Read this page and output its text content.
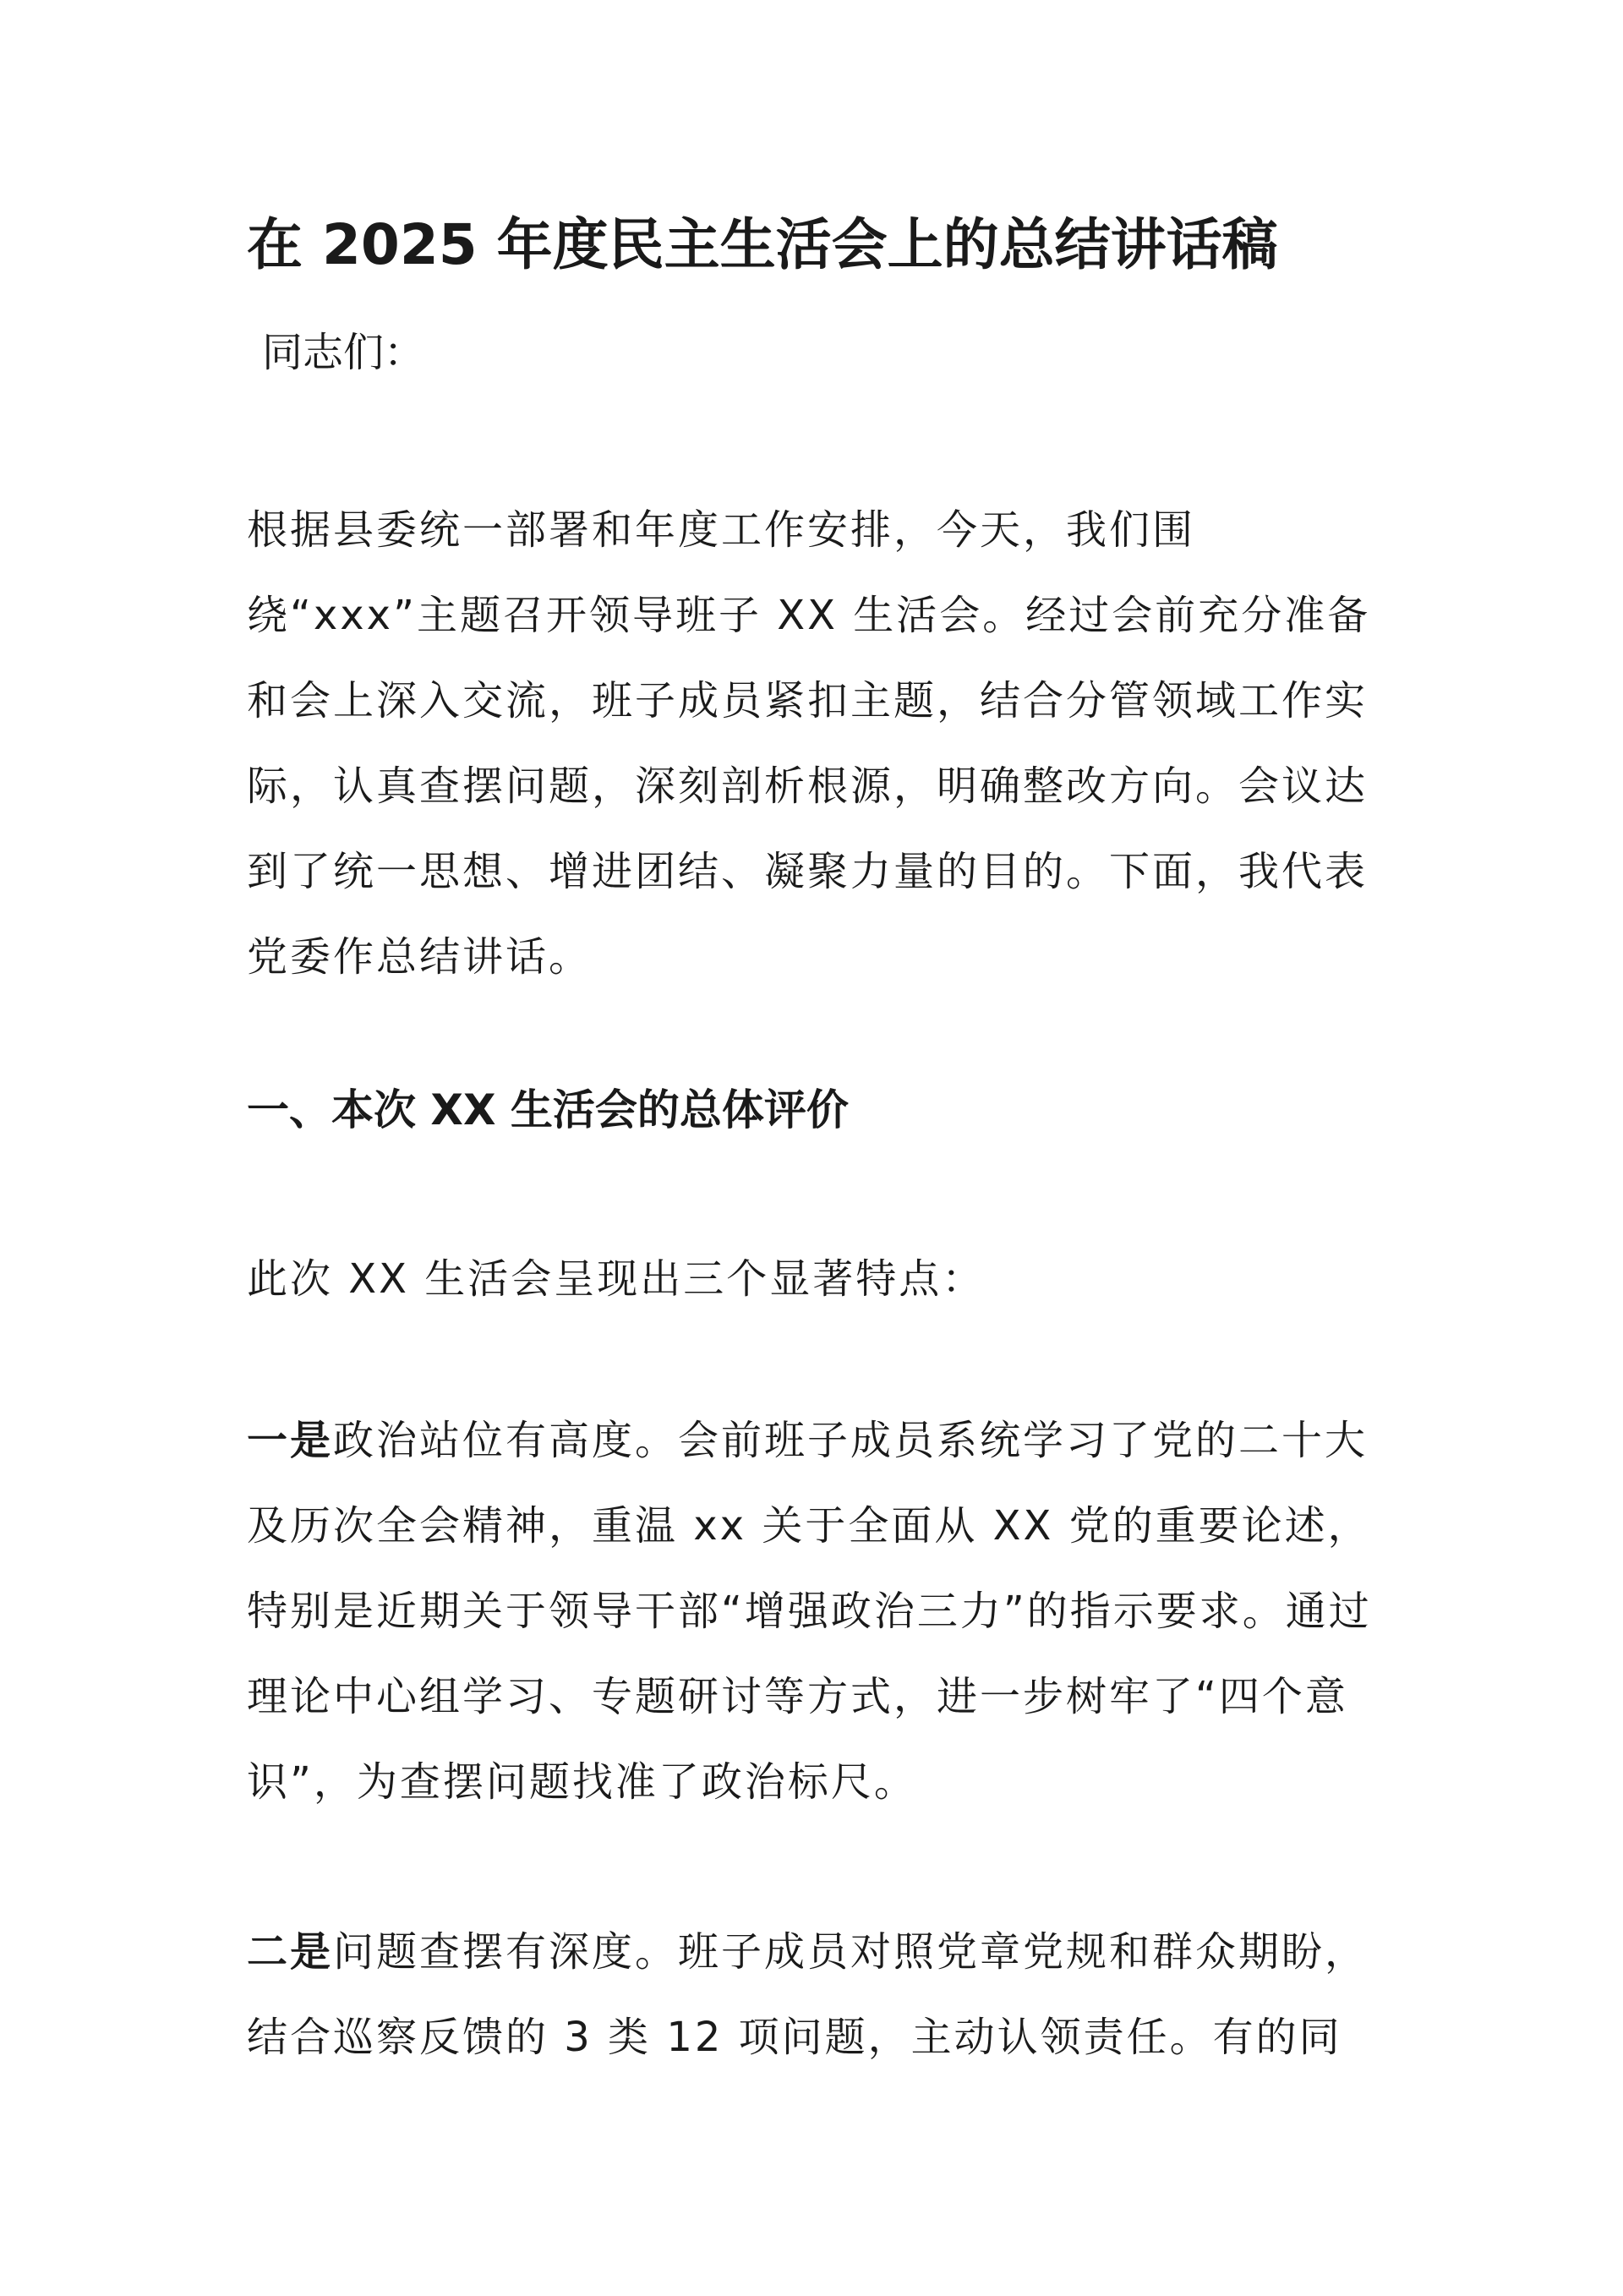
在 2025 年度民主生活会上的总结讲话稿
同志们：

根据县委统一部署和年度工作安排，今天，我们围绕“xxx”主题召开领导班子 XX 生活会。经过会前充分准备和会上深入交流，班子成员紧扣主题，结合分管领域工作实际，认真查摆问题，深刻剖析根源，明确整改方向。会议达到了统一思想、增进团结、凝聚力量的目的。下面，我代表党委作总结讲话。

一、本次 XX 生活会的总体评价

此次 XX 生活会呈现出三个显著特点：

一是政治站位有高度。会前班子成员系统学习了党的二十大及历次全会精神，重温 xx 关于全面从 XX 党的重要论述，特别是近期关于领导干部“增强政治三力”的指示要求。通过理论中心组学习、专题研讨等方式，进一步树牢了“四个意识”，为查摆问题找准了政治标尺。

二是问题查摆有深度。班子成员对照党章党规和群众期盼，结合巡察反馈的 3 类 12 项问题，主动认领责任。有的同
